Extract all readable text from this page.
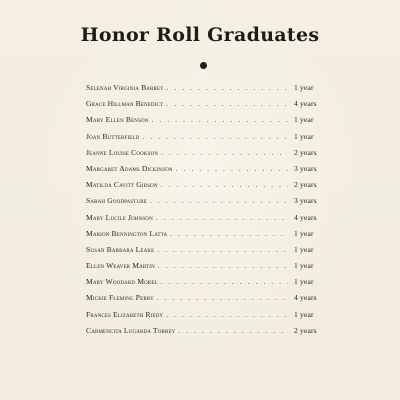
Honor Roll Graduates
Selenah Virginia Barret . . .	1 year
Grace Hillman Benedict . . .	4 years
Mary Ellen Benson . . .	1 year
Joan Butterfield . . .	1 year
Jeanne Louise Cookson . . .	2 years
Margaret Adams Dickinson . . .	3 years
Matilda Cavitt Gibson . . .	2 years
Sarah Goodpasture . . .	3 years
Mary Lucile Johnson . . .	4 years
Marion Bennington Latta . . .	1 year
Susan Barbara Leake . . .	1 year
Ellen Weaver Martin . . .	1 year
Mary Woodard Morel . . .	1 year
Mickie Fleming Perry . . .	4 years
Frances Elizabeth Riedy . . .	1 year
Carmencita Lugarda Torrey . . .	2 years
